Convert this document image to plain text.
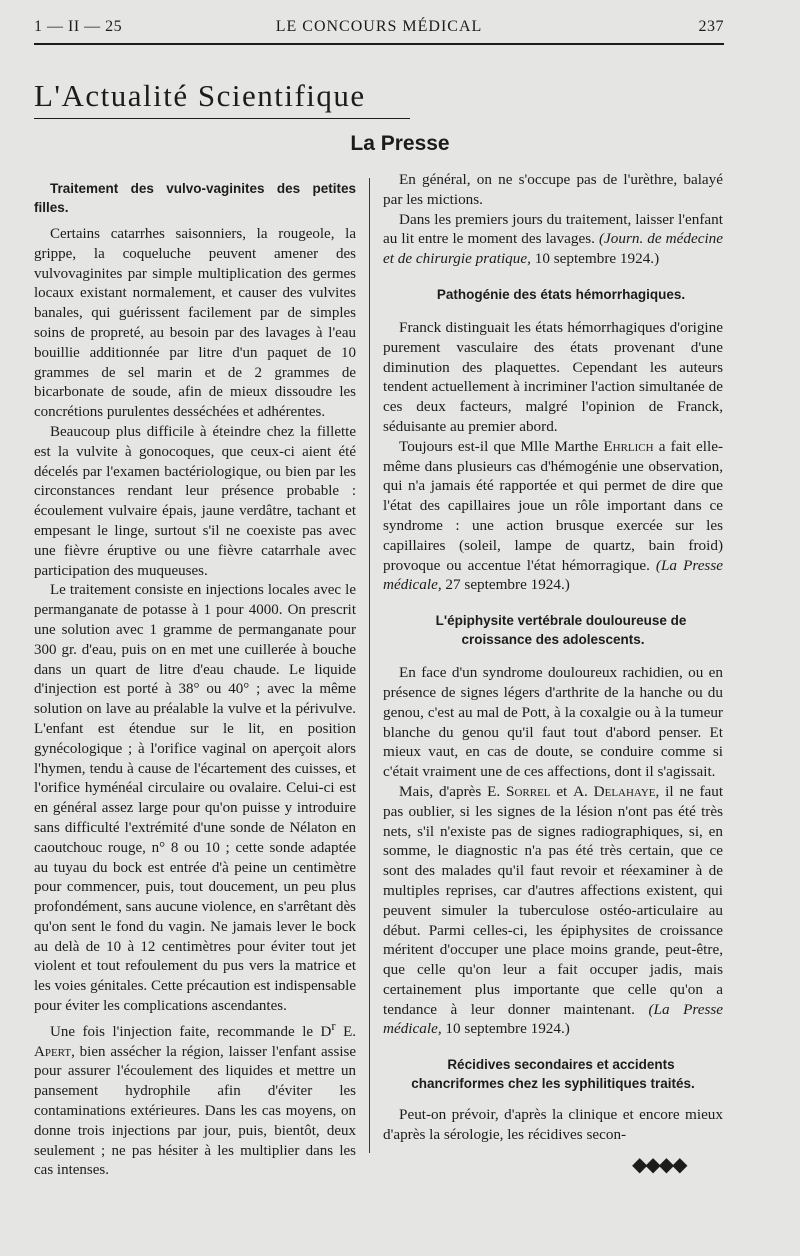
1 — II — 25	LE CONCOURS MÉDICAL	237
L'Actualité Scientifique
La Presse

Traitement des vulvo-vaginites des petites filles.

Certains catarrhes saisonniers, la rougeole, la grippe, la coqueluche peuvent amener des vulvovaginites par simple multiplication des germes locaux existant normalement, et causer des vulvites banales, qui guérissent facilement par de simples soins de propreté, au besoin par des lavages à l'eau bouillie additionnée par litre d'un paquet de 10 grammes de sel marin et de 2 grammes de bicarbonate de soude, afin de mieux dissoudre les concrétions purulentes desséchées et adhérentes.

Beaucoup plus difficile à éteindre chez la fillette est la vulvite à gonocoques, que ceux-ci aient été décelés par l'examen bactériologique, ou bien par les circonstances rendant leur présence probable : écoulement vulvaire épais, jaune verdâtre, tachant et empesant le linge, surtout s'il ne coexiste pas avec une fièvre éruptive ou une fièvre catarrhale avec participation des muqueuses.

Le traitement consiste en injections locales avec le permanganate de potasse à 1 pour 4000. On prescrit une solution avec 1 gramme de permanganate pour 300 gr. d'eau, puis on en met une cuillerée à bouche dans un quart de litre d'eau chaude. Le liquide d'injection est porté à 38° ou 40° ; avec la même solution on lave au préalable la vulve et la périvulve. L'enfant est étendue sur le lit, en position gynécologique ; à l'orifice vaginal on aperçoit alors l'hymen, tendu à cause de l'écartement des cuisses, et l'orifice hyménéal circulaire ou ovalaire. Celui-ci est en général assez large pour qu'on puisse y introduire sans difficulté l'extrémité d'une sonde de Nélaton en caoutchouc rouge, n° 8 ou 10 ; cette sonde adaptée au tuyau du bock est entrée d'à peine un centimètre pour commencer, puis, tout doucement, un peu plus profondément, sans aucune violence, en s'arrêtant dès qu'on sent le fond du vagin. Ne jamais lever le bock au delà de 10 à 12 centimètres pour éviter tout jet violent et tout refoulement du pus vers la matrice et les voies génitales. Cette précaution est indispensable pour éviter les complications ascendantes.

Une fois l'injection faite, recommande le $D^r$ E. Apert, bien assécher la région, laisser l'enfant assise pour assurer l'écoulement des liquides et mettre un pansement hydrophile afin d'éviter les contaminations extérieures. Dans les cas moyens, on donne trois injections par jour, puis, bientôt, deux seulement ; ne pas hésiter à les multiplier dans les cas intenses.

En général, on ne s'occupe pas de l'urèthre, balayé par les mictions.

Dans les premiers jours du traitement, laisser l'enfant au lit entre le moment des lavages. (Journ. de médecine et de chirurgie pratique, 10 septembre 1924.)

Pathogénie des états hémorrhagiques.

Franck distinguait les états hémorrhagiques d'origine purement vasculaire des états provenant d'une diminution des plaquettes. Cependant les auteurs tendent actuellement à incriminer l'action simultanée de ces deux facteurs, malgré l'opinion de Franck, séduisante au premier abord.

Toujours est-il que Mlle Marthe Ehrlich a fait elle-même dans plusieurs cas d'hémogénie une observation, qui n'a jamais été rapportée et qui permet de dire que l'état des capillaires joue un rôle important dans ce syndrome : une action brusque exercée sur les capillaires (soleil, lampe de quartz, bain froid) provoque ou accentue l'état hémorragique. (La Presse médicale, 27 septembre 1924.)

L'épiphysite vertébrale douloureuse de croissance des adolescents.

En face d'un syndrome douloureux rachidien, ou en présence de signes légers d'arthrite de la hanche ou du genou, c'est au mal de Pott, à la coxalgie ou à la tumeur blanche du genou qu'il faut tout d'abord penser. Et mieux vaut, en cas de doute, se conduire comme si c'était vraiment une de ces affections, dont il s'agissait.

Mais, d'après E. Sorrel et A. Delahaye, il ne faut pas oublier, si les signes de la lésion n'ont pas été très nets, s'il n'existe pas de signes radiographiques, si, en somme, le diagnostic n'a pas été très certain, que ce sont des malades qu'il faut revoir et réexaminer à de multiples reprises, car d'autres affections existent, qui peuvent simuler la tuberculose ostéo-articulaire au début. Parmi celles-ci, les épiphysites de croissance méritent d'occuper une place moins grande, peut-être, que celle qu'on leur a fait occuper jadis, mais certainement plus importante que celle qu'on a tendance à leur donner maintenant. (La Presse médicale, 10 septembre 1924.)

Récidives secondaires et accidents chancriformes chez les syphilitiques traités.

Peut-on prévoir, d'après la clinique et encore mieux d'après la sérologie, les récidives secon-

◆◆◆◆
